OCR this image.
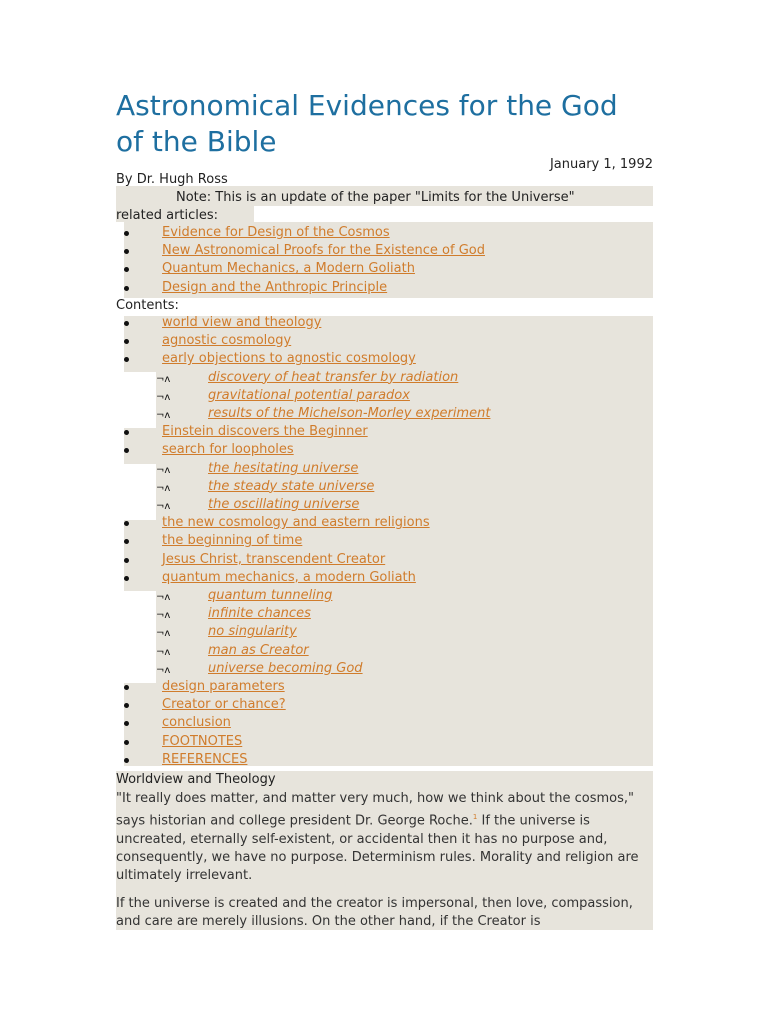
Astronomical Evidences for the God of the Bible
January 1, 1992
By Dr. Hugh Ross
Note: This is an update of the paper "Limits for the Universe"
related articles:
Evidence for Design of the Cosmos
New Astronomical Proofs for the Existence of God
Quantum Mechanics, a Modern Goliath
Design and the Anthropic Principle
Contents:
world view and theology
agnostic cosmology
early objections to agnostic cosmology
¬ʌ	discovery of heat transfer by radiation
¬ʌ	gravitational potential paradox
¬ʌ	results of the Michelson-Morley experiment
Einstein discovers the Beginner
search for loopholes
¬ʌ	the hesitating universe
¬ʌ	the steady state universe
¬ʌ	the oscillating universe
the new cosmology and eastern religions
the beginning of time
Jesus Christ, transcendent Creator
quantum mechanics, a modern Goliath
¬ʌ	quantum tunneling
¬ʌ	infinite chances
¬ʌ	no singularity
¬ʌ	man as Creator
¬ʌ	universe becoming God
design parameters
Creator or chance?
conclusion
FOOTNOTES
REFERENCES
Worldview and Theology

"It really does matter, and matter very much, how we think about the cosmos," says historian and college president Dr. George Roche.$^1$ If the universe is uncreated, eternally self-existent, or accidental then it has no purpose and, consequently, we have no purpose. Determinism rules. Morality and religion are ultimately irrelevant.

If the universe is created and the creator is impersonal, then love, compassion, and care are merely illusions. On the other hand, if the Creator is
